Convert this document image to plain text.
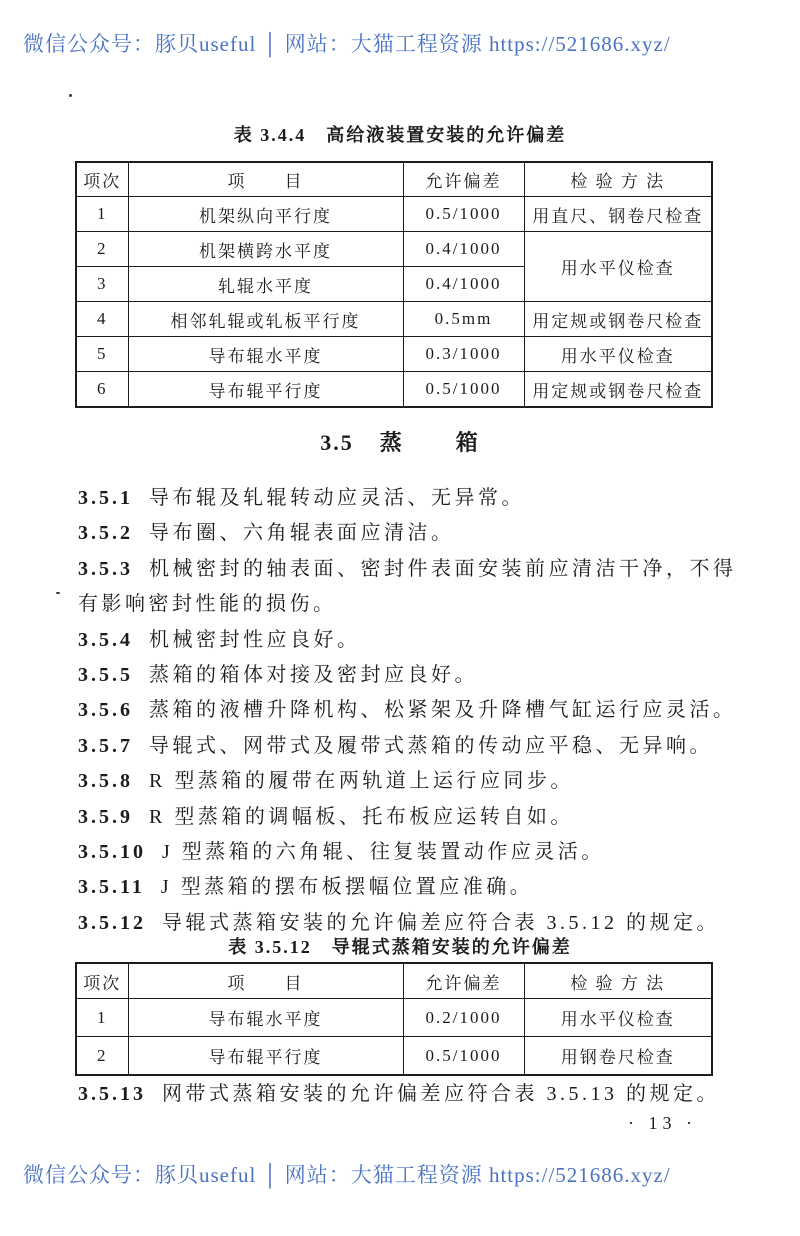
微信公众号：豚贝useful │ 网站：大猫工程资源 https://521686.xyz/
表 3.4.4　高给液装置安装的允许偏差
项次	项　　目	允许偏差	检 验 方 法
1	机架纵向平行度	0.5/1000	用直尺、钢卷尺检查
2	机架横跨水平度	0.4/1000	用水平仪检查
3	轧辊水平度	0.4/1000	
4	相邻轧辊或轧板平行度	0.5mm	用定规或钢卷尺检查
5	导布辊水平度	0.3/1000	用水平仪检查
6	导布辊平行度	0.5/1000	用定规或钢卷尺检查
3.5 蒸 箱

3.5.1 导布辊及轧辊转动应灵活、无异常。

3.5.2 导布圈、六角辊表面应清洁。

3.5.3 机械密封的轴表面、密封件表面安装前应清洁干净，不得有影响密封性能的损伤。

3.5.4 机械密封性应良好。

3.5.5 蒸箱的箱体对接及密封应良好。

3.5.6 蒸箱的液槽升降机构、松紧架及升降槽气缸运行应灵活。

3.5.7 导辊式、网带式及履带式蒸箱的传动应平稳、无异响。

3.5.8 R 型蒸箱的履带在两轨道上运行应同步。

3.5.9 R 型蒸箱的调幅板、托布板应运转自如。

3.5.10 J 型蒸箱的六角辊、往复装置动作应灵活。

3.5.11 J 型蒸箱的摆布板摆幅位置应准确。

3.5.12 导辊式蒸箱安装的允许偏差应符合表 3.5.12 的规定。

表 3.5.12　导辊式蒸箱安装的允许偏差
项次	项　　目	允许偏差	检 验 方 法
1	导布辊水平度	0.2/1000	用水平仪检查
2	导布辊平行度	0.5/1000	用钢卷尺检查

3.5.13 网带式蒸箱安装的允许偏差应符合表 3.5.13 的规定。

· 13 ·
微信公众号：豚贝useful │ 网站：大猫工程资源 https://521686.xyz/
